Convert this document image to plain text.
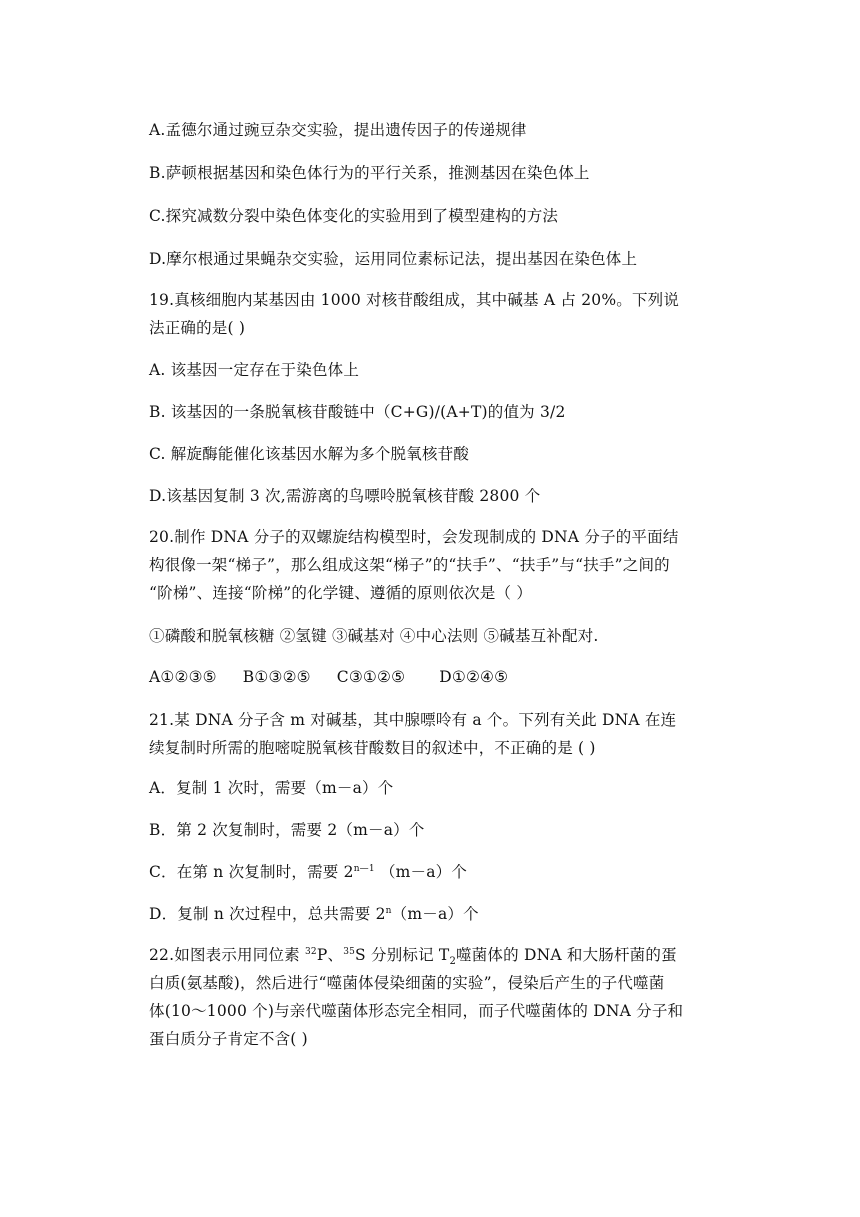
A.孟德尔通过豌豆杂交实验，提出遗传因子的传递规律
B.萨顿根据基因和染色体行为的平行关系，推测基因在染色体上
C.探究减数分裂中染色体变化的实验用到了模型建构的方法
D.摩尔根通过果蝇杂交实验，运用同位素标记法，提出基因在染色体上
19.真核细胞内某基因由 1000 对核苷酸组成，其中碱基 A 占 20%。下列说
法正确的是( )
A. 该基因一定存在于染色体上
B. 该基因的一条脱氧核苷酸链中（C+G)/(A+T)的值为 3/2
C. 解旋酶能催化该基因水解为多个脱氧核苷酸
D.该基因复制 3 次,需游离的鸟嘌呤脱氧核苷酸 2800 个
20.制作 DNA 分子的双螺旋结构模型时，会发现制成的 DNA 分子的平面结
构很像一架“梯子”，那么组成这架“梯子”的“扶手”、“扶手”与“扶手”之间的
“阶梯”、连接“阶梯”的化学键、遵循的原则依次是（ ）
①磷酸和脱氧核糖 ②氢键 ③碱基对 ④中心法则 ⑤碱基互补配对.
A①②③⑤ B①③②⑤ C③①②⑤ D①②④⑤
21.某 DNA 分子含 m 对碱基，其中腺嘌呤有 a 个。下列有关此 DNA 在连
续复制时所需的胞嘧啶脱氧核苷酸数目的叙述中，不正确的是 ( )
A．复制 1 次时，需要（m－a）个
B．第 2 次复制时，需要 2（m－a）个
C．在第 n 次复制时，需要 $2^{n—1}$ （m－a）个
D．复制 n 次过程中，总共需要 $2^n(m-a)$个
22.如图表示用同位素 $^{32}$P、$^{35}$S 分别标记 $T_2$噬菌体的 DNA 和大肠杆菌的蛋
白质(氨基酸)，然后进行“噬菌体侵染细菌的实验”，侵染后产生的子代噬菌
体(10～1000 个)与亲代噬菌体形态完全相同，而子代噬菌体的 DNA 分子和
蛋白质分子肯定不含( )
